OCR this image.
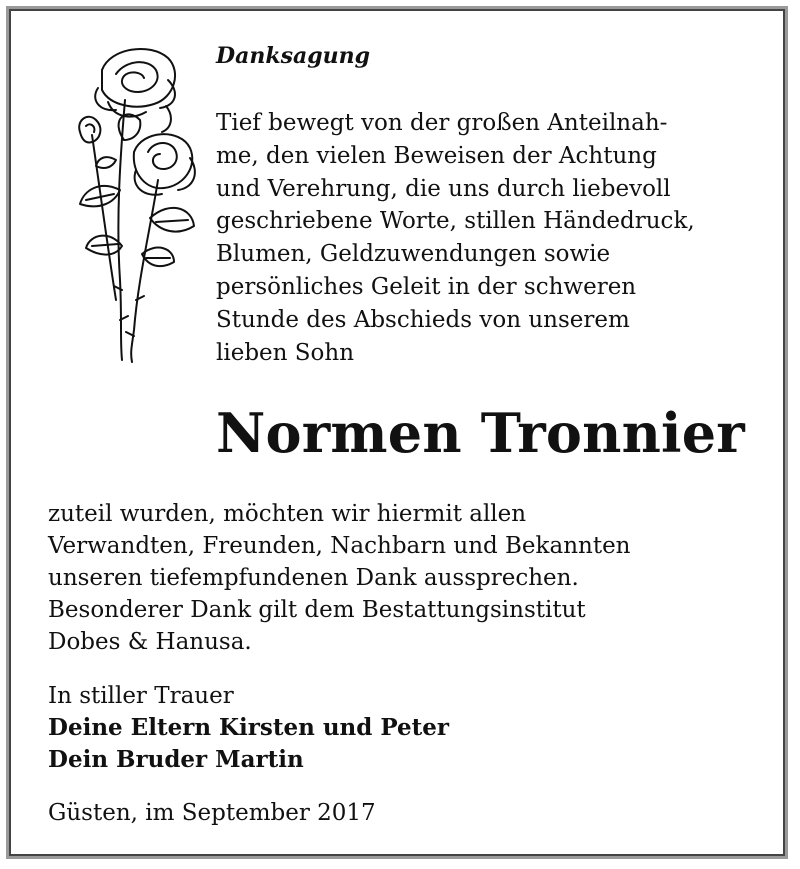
Danksagung

Tief bewegt von der großen Anteilnah-
me, den vielen Beweisen der Achtung
und Verehrung, die uns durch liebevoll
geschriebene Worte, stillen Händedruck,
Blumen, Geldzuwendungen sowie
persönliches Geleit in der schweren
Stunde des Abschieds von unserem
lieben Sohn

Normen Tronnier

zuteil wurden, möchten wir hiermit allen
Verwandten, Freunden, Nachbarn und Bekannten
unseren tiefempfundenen Dank aussprechen.
Besonderer Dank gilt dem Bestattungsinstitut
Dobes & Hanusa.

In stiller Trauer
Deine Eltern Kirsten und Peter
Dein Bruder Martin

Güsten, im September 2017
